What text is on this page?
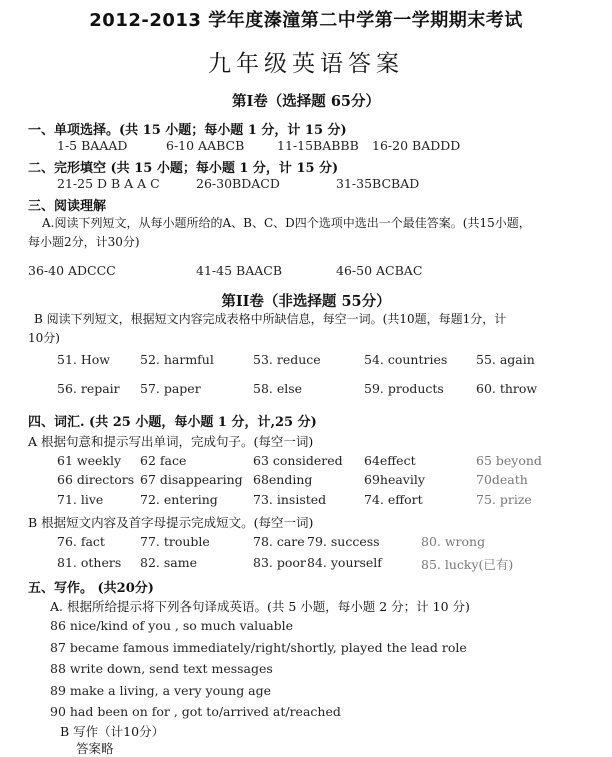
2012-2013 学年度溱潼第二中学第一学期期末考试
九年级英语答案
第Ⅰ卷（选择题 65分）
一、单项选择。(共 15 小题；每小题 1 分，计 15 分)
1-5 BAAAD	6-10 AABCB	11-15BABBB 16-20 BADDD
二、完形填空 (共 15 小题；每小题 1 分，计 15 分)
21-25 D B A A C	26-30BDACD	31-35BCBAD
三、阅读理解
A.阅读下列短文，从每小题所给的A、B、C、D四个选项中选出一个最佳答案。(共15小题，
每小题2分，计30分)
36-40 ADCCC	41-45 BAACB	46-50 ACBAC
第II卷（非选择题 55分）
B 阅读下列短文，根据短文内容完成表格中所缺信息，每空一词。(共10题，每题1分，计
10分)
51. How 52. harmful	53. reduce	54. countries 55. again
56. repair 57. paper	58. else	59. products	60. throw
四、词汇. (共 25 小题，每小题 1 分，计,25 分)
A 根据句意和提示写出单词，完成句子。(每空一词)
61 weekly 62 face	63 considered 64effect	65 beyond
66 directors 67 disappearing 68ending	69heavily	70death
71. live	72. entering	73. insisted	74. effort	75. prize
B 根据短文内容及首字母提示完成短文。(每空一词)
76. fact	77. trouble	78. care 79. success	80. wrong
81. others 82. same	83. poor 84. yourself	85. lucky(已有)
五、写作。 (共20分)
A. 根据所给提示将下列各句译成英语。(共 5 小题，每小题 2 分；计 10 分)
86 nice/kind of you , so much valuable
87 became famous immediately/right/shortly, played the lead role
88 write down, send text messages
89 make a living, a very young age
90 had been on for , got to/arrived at/reached
B 写作（计10分）
答案略
